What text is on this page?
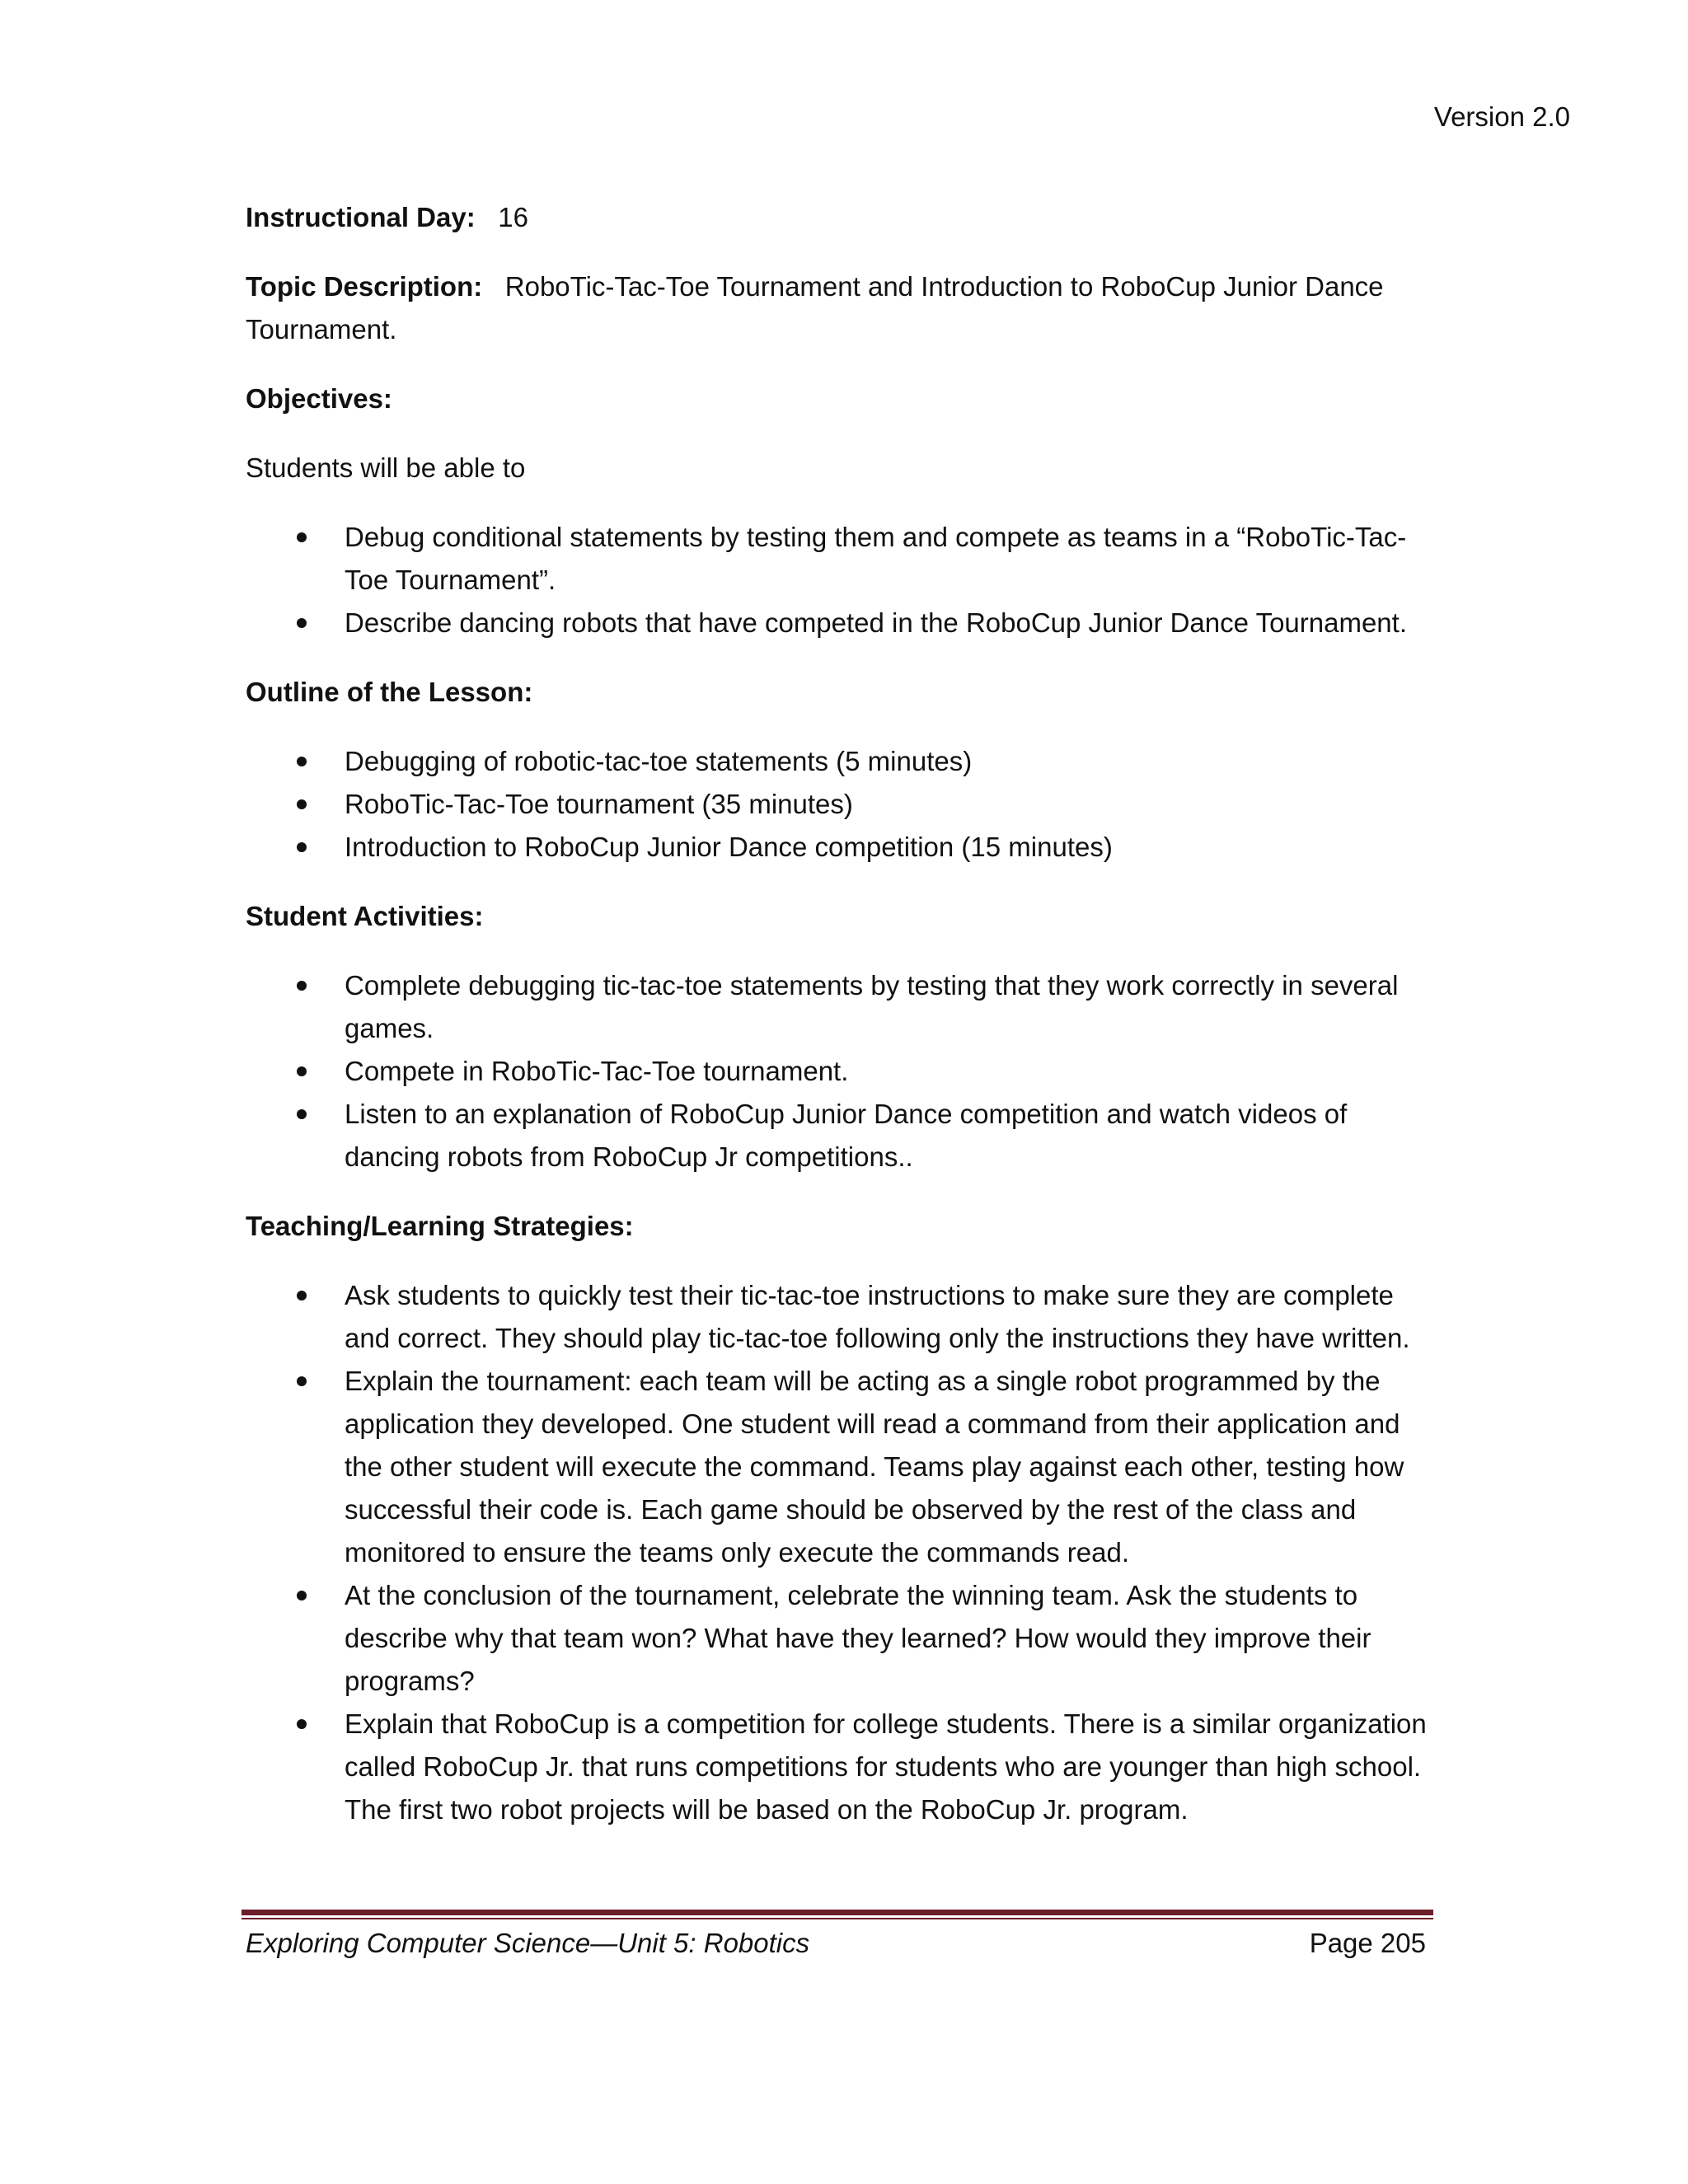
Version 2.0

Instructional Day: 16

Topic Description: RoboTic-Tac-Toe Tournament and Introduction to RoboCup Junior Dance Tournament.

Objectives:

Students will be able to

Debug conditional statements by testing them and compete as teams in a “RoboTic-Tac-Toe Tournament”.
Describe dancing robots that have competed in the RoboCup Junior Dance Tournament.

Outline of the Lesson:

Debugging of robotic-tac-toe statements (5 minutes)
RoboTic-Tac-Toe tournament (35 minutes)
Introduction to RoboCup Junior Dance competition (15 minutes)

Student Activities:

Complete debugging tic-tac-toe statements by testing that they work correctly in several games.
Compete in RoboTic-Tac-Toe tournament.
Listen to an explanation of RoboCup Junior Dance competition and watch videos of dancing robots from RoboCup Jr competitions..

Teaching/Learning Strategies:

Ask students to quickly test their tic-tac-toe instructions to make sure they are complete and correct. They should play tic-tac-toe following only the instructions they have written.
Explain the tournament: each team will be acting as a single robot programmed by the application they developed. One student will read a command from their application and the other student will execute the command. Teams play against each other, testing how successful their code is. Each game should be observed by the rest of the class and monitored to ensure the teams only execute the commands read.
At the conclusion of the tournament, celebrate the winning team. Ask the students to describe why that team won? What have they learned? How would they improve their programs?
Explain that RoboCup is a competition for college students. There is a similar organization called RoboCup Jr. that runs competitions for students who are younger than high school. The first two robot projects will be based on the RoboCup Jr. program.
Exploring Computer Science—Unit 5: Robotics	Page 205
